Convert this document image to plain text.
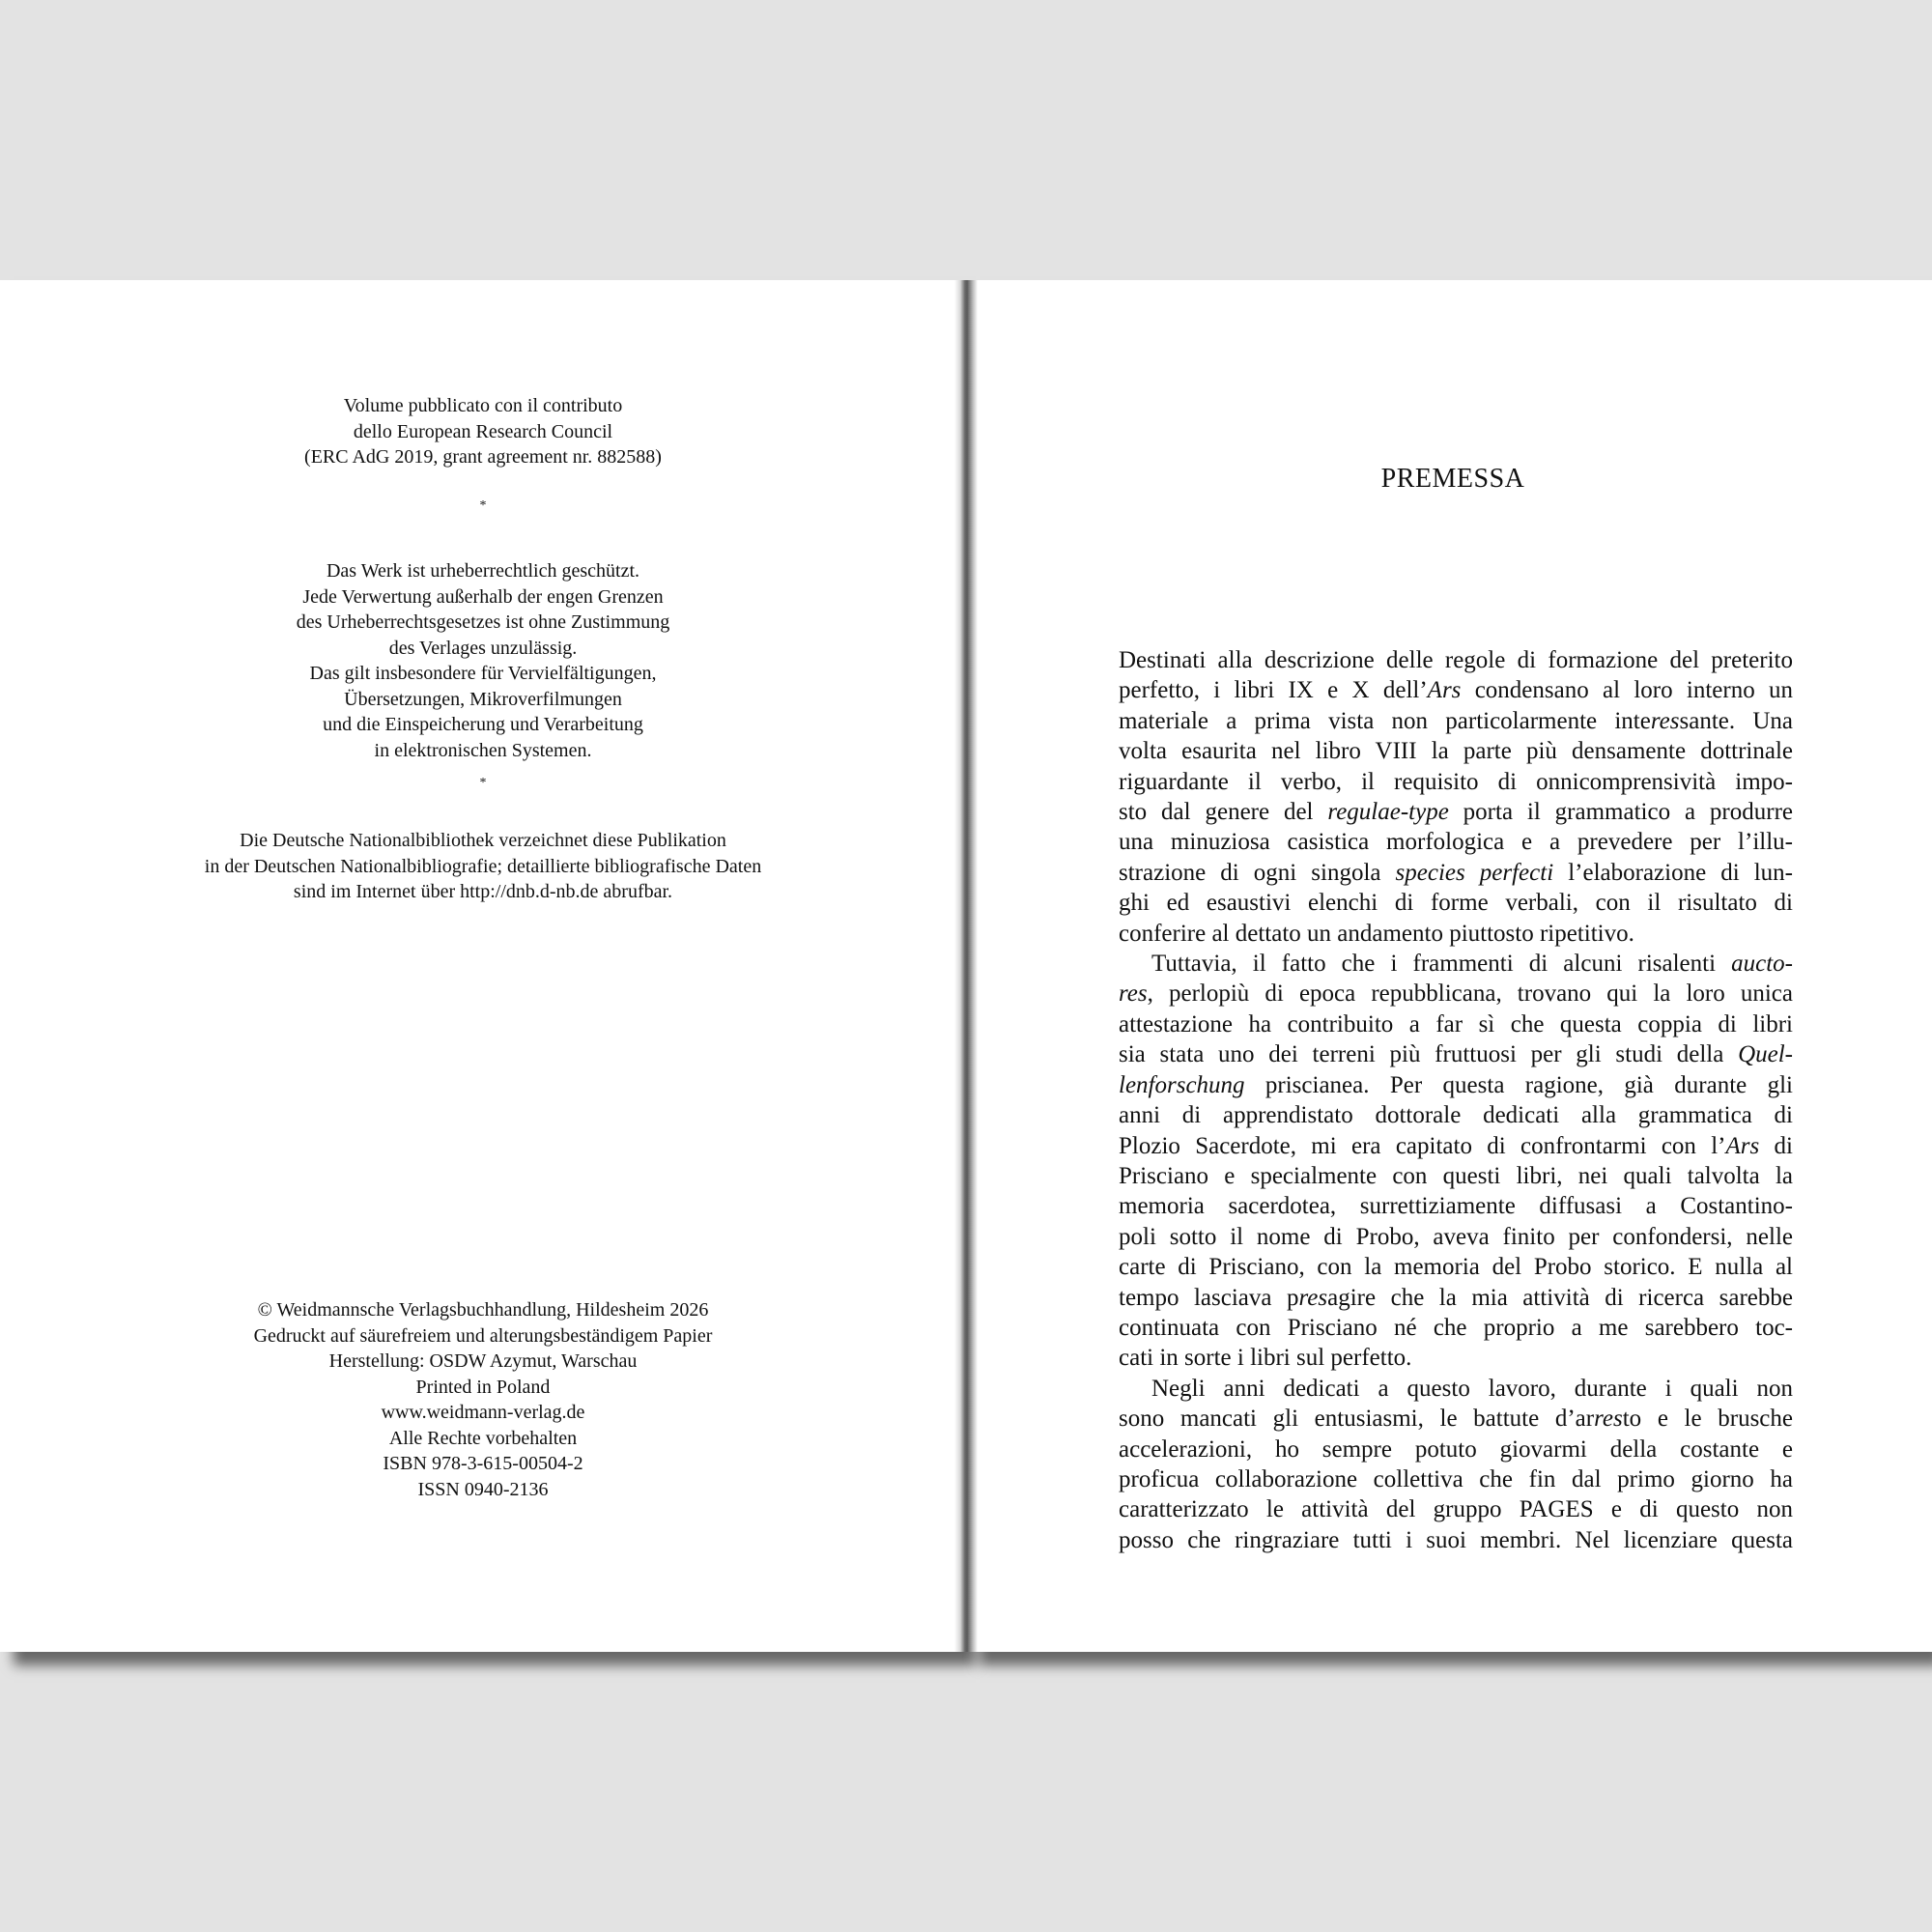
Volume pubblicato con il contributo

dello European Research Council

(ERC AdG 2019, grant agreement nr. 882588)

*

Das Werk ist urheberrechtlich geschützt.

Jede Verwertung außerhalb der engen Grenzen

des Urheberrechtsgesetzes ist ohne Zustimmung

des Verlages unzulässig.

Das gilt insbesondere für Vervielfältigungen,

Übersetzungen, Mikroverfilmungen

und die Einspeicherung und Verarbeitung

in elektronischen Systemen.

*

Die Deutsche Nationalbibliothek verzeichnet diese Publikation

in der Deutschen Nationalbibliografie; detaillierte bibliografische Daten

sind im Internet über http://dnb.d-nb.de abrufbar.

© Weidmannsche Verlagsbuchhandlung, Hildesheim 2026

Gedruckt auf säurefreiem und alterungsbeständigem Papier

Herstellung: OSDW Azymut, Warschau

Printed in Poland

www.weidmann-verlag.de

Alle Rechte vorbehalten

ISBN 978-3-615-00504-2

ISSN 0940-2136

PREMESSA
Destinati alla descrizione delle regole di formazione del preterito
perfetto, i libri IX e X dell’Ars condensano al loro interno un
materiale a prima vista non particolarmente interessante. Una
volta esaurita nel libro VIII la parte più densamente dottrinale
riguardante il verbo, il requisito di onnicomprensività impo-
sto dal genere del regulae-type porta il grammatico a produrre
una minuziosa casistica morfologica e a prevedere per l’illu-
strazione di ogni singola species perfecti l’elaborazione di lun-
ghi ed esaustivi elenchi di forme verbali, con il risultato di
conferire al dettato un andamento piuttosto ripetitivo.
Tuttavia, il fatto che i frammenti di alcuni risalenti aucto-
res, perlopiù di epoca repubblicana, trovano qui la loro unica
attestazione ha contribuito a far sì che questa coppia di libri
sia stata uno dei terreni più fruttuosi per gli studi della Quel-
lenforschung priscianea. Per questa ragione, già durante gli
anni di apprendistato dottorale dedicati alla grammatica di
Plozio Sacerdote, mi era capitato di confrontarmi con l’Ars di
Prisciano e specialmente con questi libri, nei quali talvolta la
memoria sacerdotea, surrettiziamente diffusasi a Costantino-
poli sotto il nome di Probo, aveva finito per confondersi, nelle
carte di Prisciano, con la memoria del Probo storico. E nulla al
tempo lasciava presagire che la mia attività di ricerca sarebbe
continuata con Prisciano né che proprio a me sarebbero toc-
cati in sorte i libri sul perfetto.
Negli anni dedicati a questo lavoro, durante i quali non
sono mancati gli entusiasmi, le battute d’arresto e le brusche
accelerazioni, ho sempre potuto giovarmi della costante e
proficua collaborazione collettiva che fin dal primo giorno ha
caratterizzato le attività del gruppo PAGES e di questo non
posso che ringraziare tutti i suoi membri. Nel licenziare questa
